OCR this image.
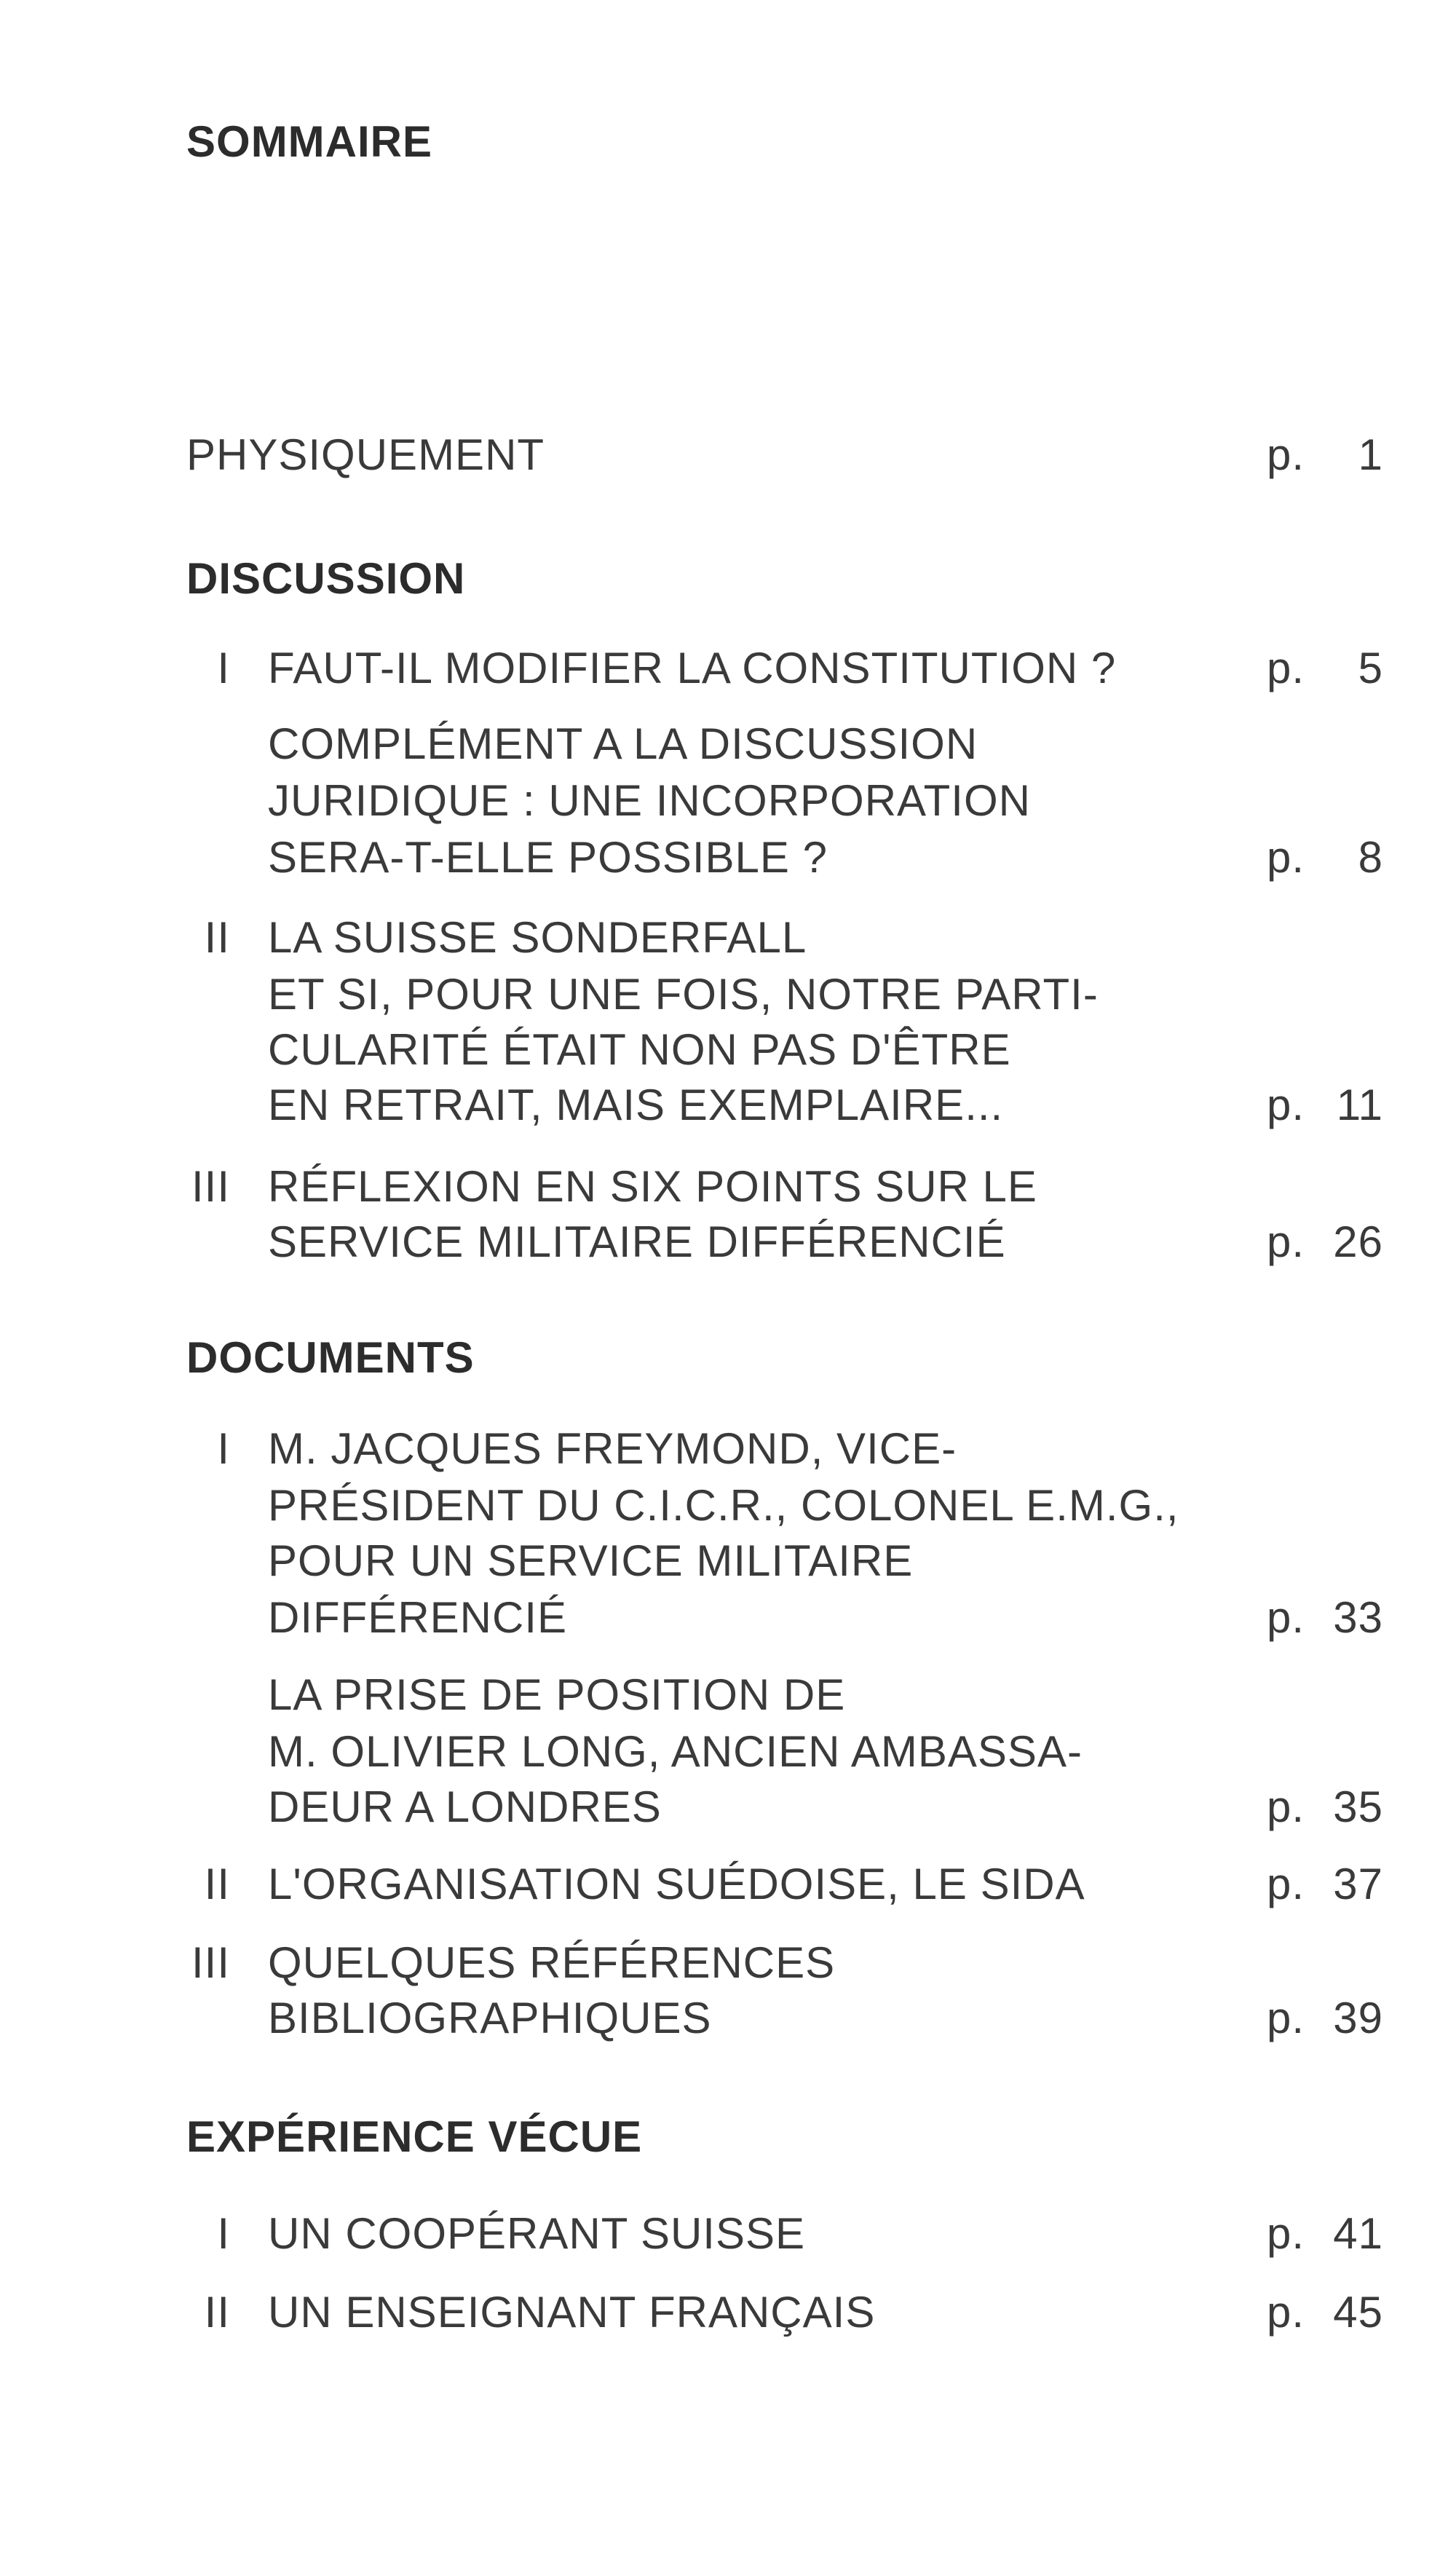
SOMMAIRE
PHYSIQUEMENT	p. 1
DISCUSSION
I FAUT-IL MODIFIER LA CONSTITUTION ?	p. 5
COMPLÉMENT A LA DISCUSSION
JURIDIQUE : UNE INCORPORATION
SERA-T-ELLE POSSIBLE ?	p. 8
II LA SUISSE SONDERFALL
ET SI, POUR UNE FOIS, NOTRE PARTI-
CULARITÉ ÉTAIT NON PAS D'ÊTRE
EN RETRAIT, MAIS EXEMPLAIRE...	p. 11
III RÉFLEXION EN SIX POINTS SUR LE
SERVICE MILITAIRE DIFFÉRENCIÉ	p. 26
DOCUMENTS
I M. JACQUES FREYMOND, VICE-
PRÉSIDENT DU C.I.C.R., COLONEL E.M.G.,
POUR UN SERVICE MILITAIRE
DIFFÉRENCIÉ	p. 33
LA PRISE DE POSITION DE
M. OLIVIER LONG, ANCIEN AMBASSA-
DEUR A LONDRES	p. 35
II L'ORGANISATION SUÉDOISE, LE SIDA	p. 37
III QUELQUES RÉFÉRENCES
BIBLIOGRAPHIQUES	p. 39
EXPÉRIENCE VÉCUE
I UN COOPÉRANT SUISSE	p. 41
II UN ENSEIGNANT FRANÇAIS	p. 45
